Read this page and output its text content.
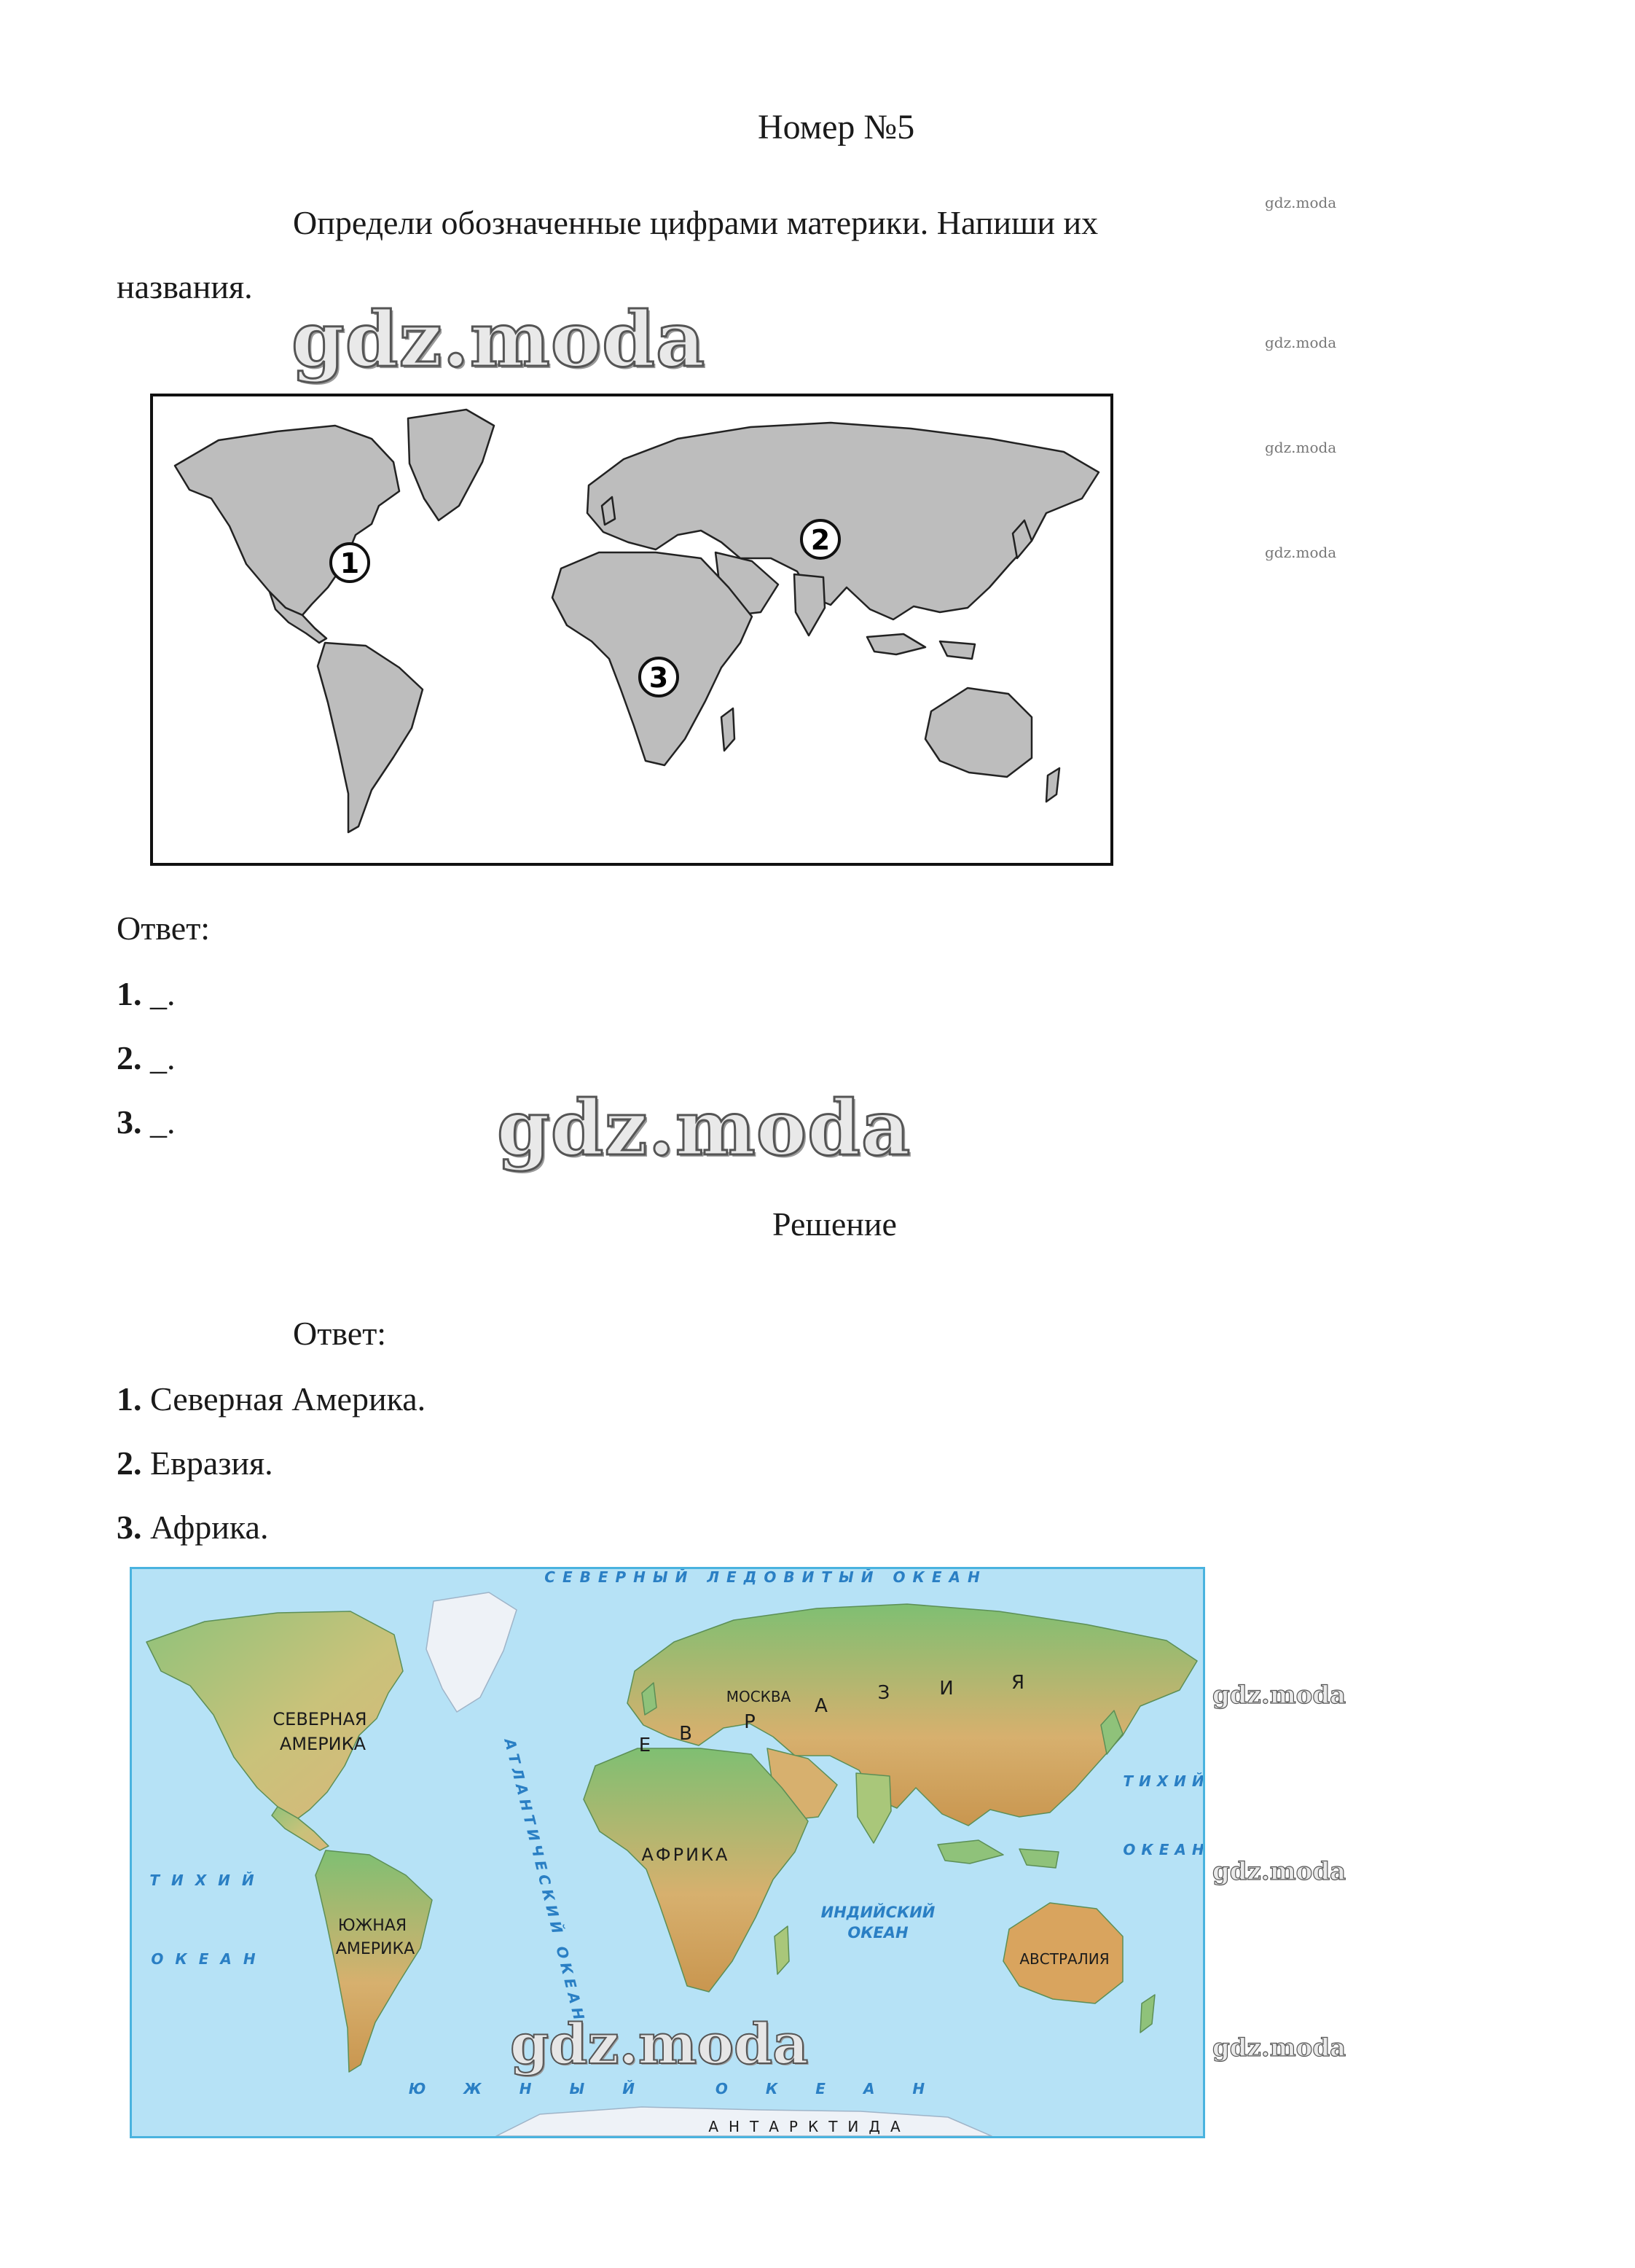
Номер №5
Определи обозначенные цифрами материки. Напиши их
названия.
gdz.moda
gdz.moda
gdz.moda
gdz.moda
gdz.moda
1
2
3
Ответ:
1. _.
2. _.
3. _.	gdz.moda
Решение
Ответ:
1. Северная Америка.
2. Евразия.
3. Африка.
СЕВЕРНАЯ
АМЕРИКА
ЮЖНАЯ
АМЕРИКА
АФРИКА
АВСТРАЛИЯ
МОСКВА
Е
В
Р
А
З	И	Я
СЕВЕРНЫЙ ЛЕДОВИТЫЙ ОКЕАН
АТЛАНТИЧЕСКИЙ ОКЕАН	ИНДИЙСКИЙ
ОКЕАН
ТИХИЙ
ОКЕАН
ТИХИЙ
ОКЕАН
ЮЖНЫЙ ОКЕАН
АНТАРКТИДА
gdz.moda
gdz.moda
gdz.moda
gdz.moda
